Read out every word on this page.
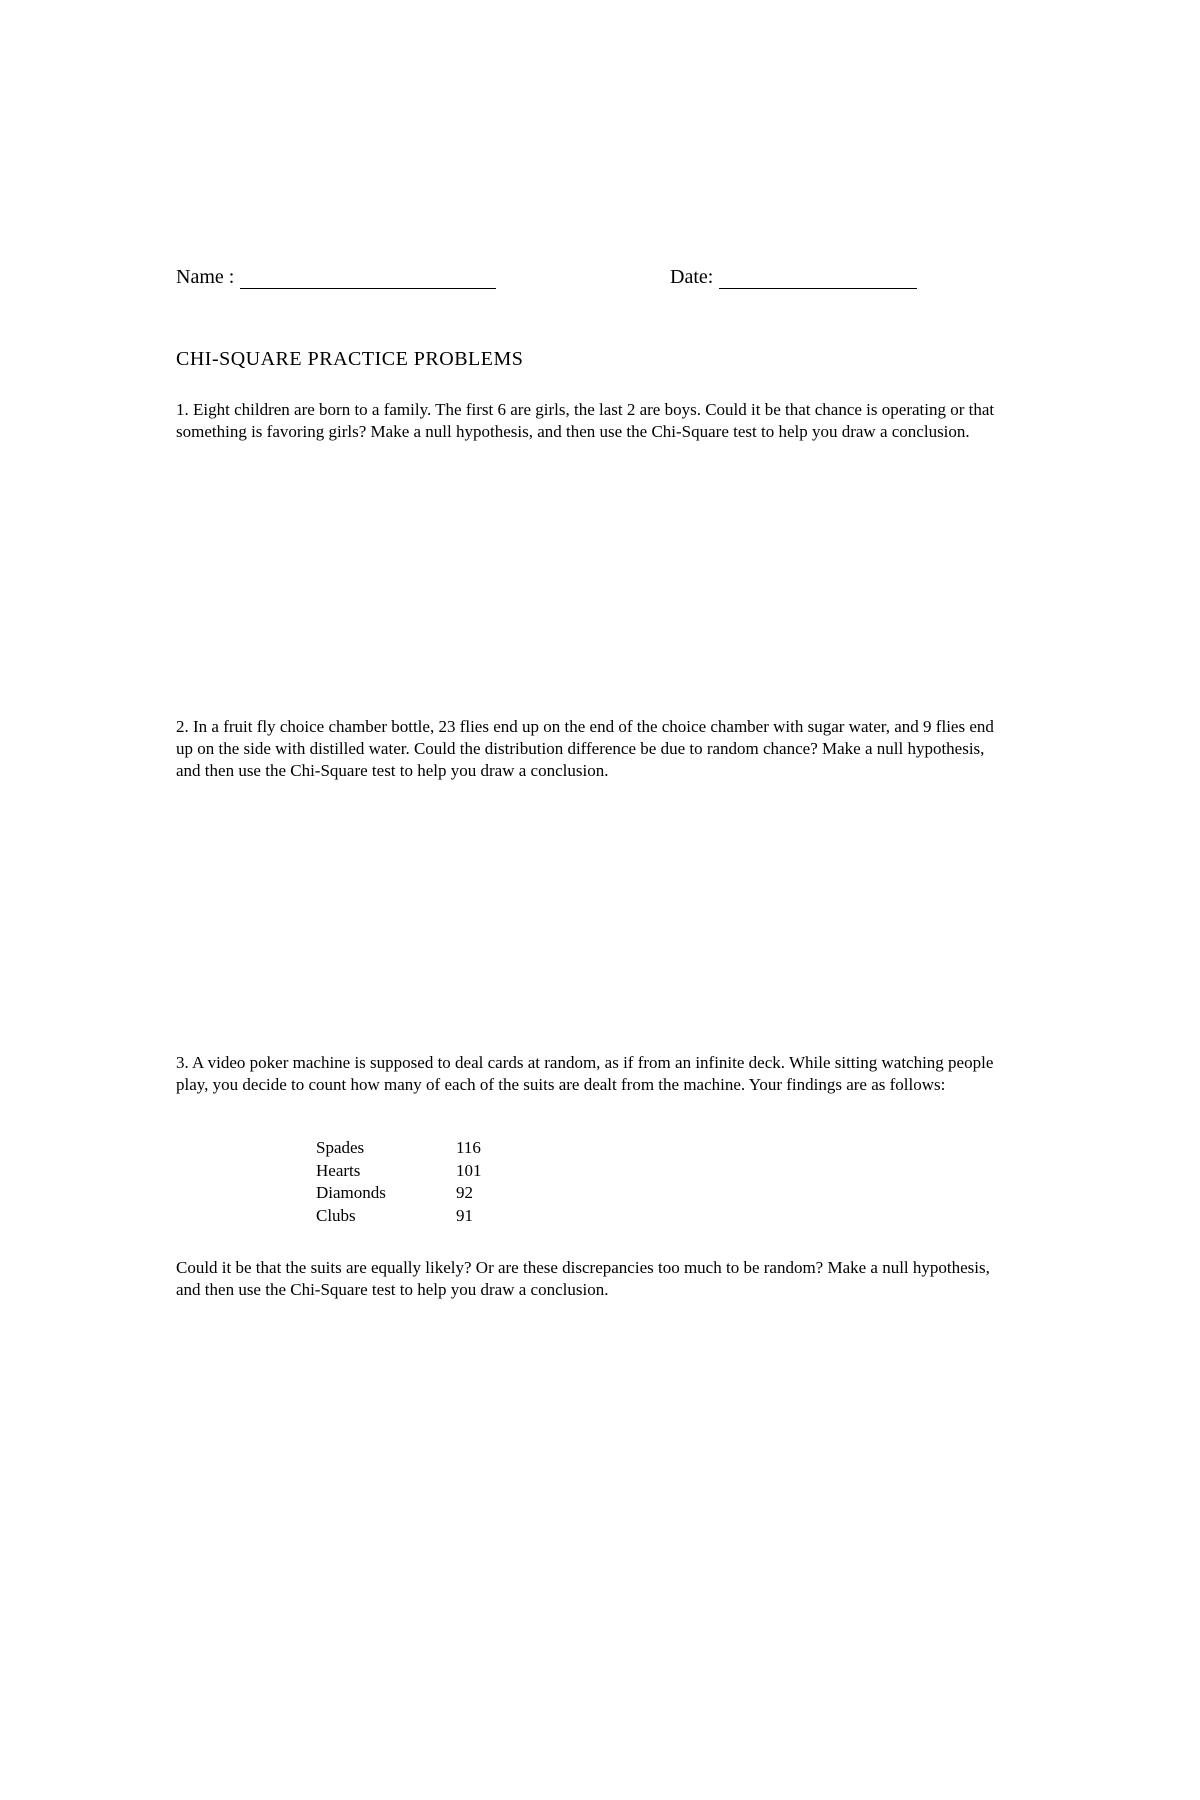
Name :	Date:
CHI-SQUARE PRACTICE PROBLEMS
1. Eight children are born to a family. The first 6 are girls, the last 2 are boys. Could it be that chance is operating or that something is favoring girls? Make a null hypothesis, and then use the Chi-Square test to help you draw a conclusion.
2. In a fruit fly choice chamber bottle, 23 flies end up on the end of the choice chamber with sugar water, and 9 flies end up on the side with distilled water. Could the distribution difference be due to random chance? Make a null hypothesis, and then use the Chi-Square test to help you draw a conclusion.
3. A video poker machine is supposed to deal cards at random, as if from an infinite deck. While sitting watching people play, you decide to count how many of each of the suits are dealt from the machine. Your findings are as follows:
Spades	116
Hearts	101
Diamonds	92
Clubs	91
Could it be that the suits are equally likely? Or are these discrepancies too much to be random? Make a null hypothesis, and then use the Chi-Square test to help you draw a conclusion.
